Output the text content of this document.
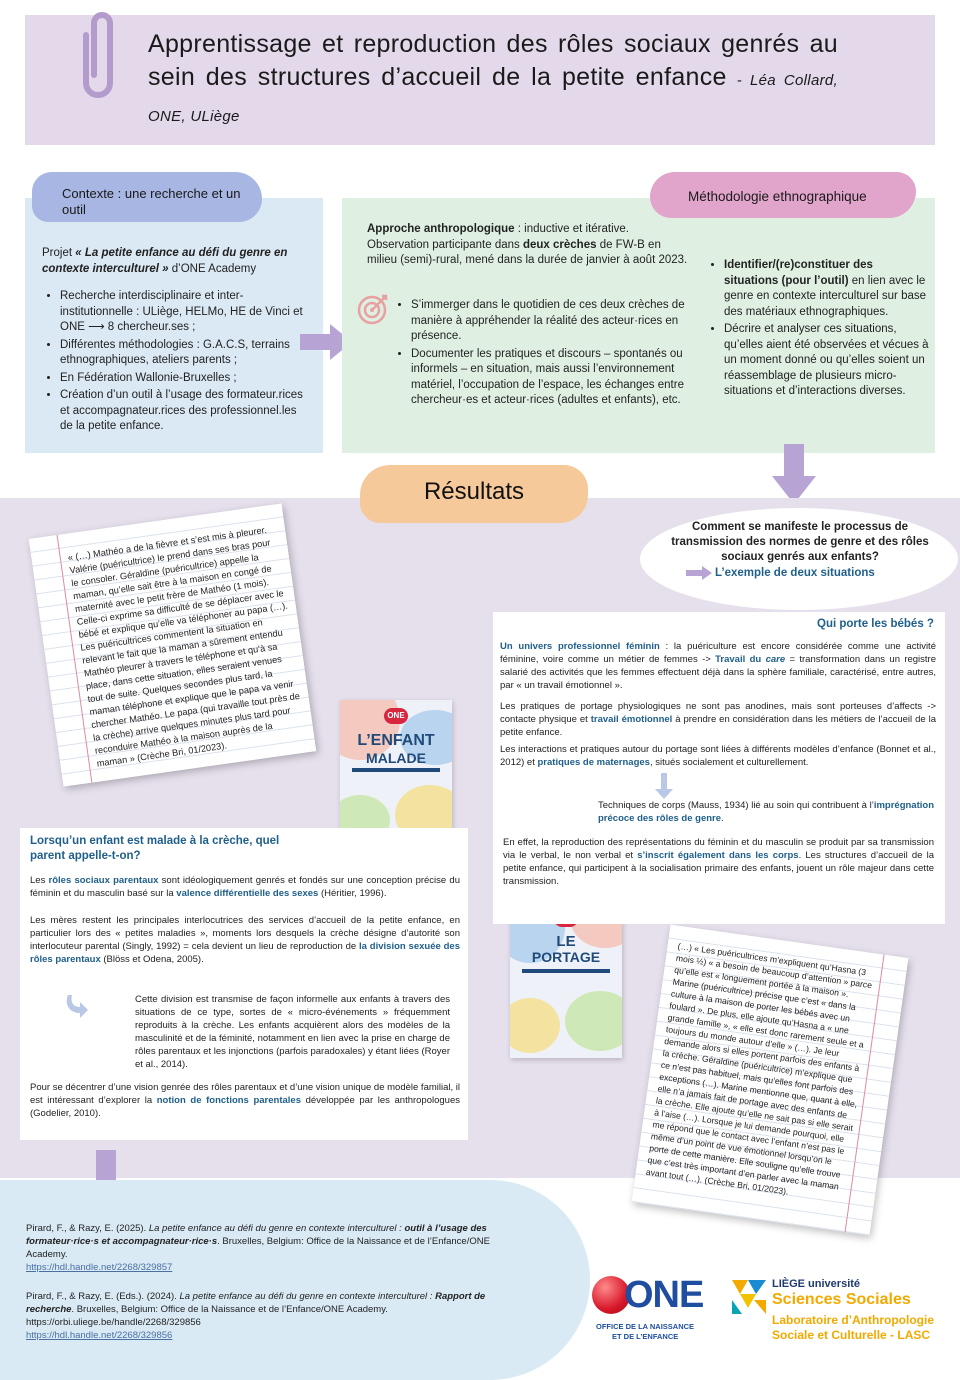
Apprentissage et reproduction des rôles sociaux genrés au sein des structures d’accueil de la petite enfance - Léa Collard, ONE, ULiège
Contexte : une recherche et un outil

Projet « La petite enfance au défi du genre en contexte interculturel » d’ONE Academy

• Recherche interdisciplinaire et inter-institutionnelle : ULiège, HELMo, HE de Vinci et ONE ⟶ 8 chercheur.ses ;
• Différentes méthodologies : G.A.C.S, terrains ethnographiques, ateliers parents ;
• En Fédération Wallonie-Bruxelles ;
• Création d’un outil à l’usage des formateur.rices et accompagnateur.rices des professionnel.les de la petite enfance.
Méthodologie ethnographique
Approche anthropologique : inductive et itérative. Observation participante dans deux crèches de FW-B en milieu (semi)-rural, mené dans la durée de janvier à août 2023.
• S’immerger dans le quotidien de ces deux crèches de manière à appréhender la réalité des acteur·rices en présence.
• Documenter les pratiques et discours – spontanés ou informels – en situation, mais aussi l’environnement matériel, l’occupation de l’espace, les échanges entre chercheur·es et acteur·rices (adultes et enfants), etc.
• Identifier/(re)constituer des situations (pour l’outil) en lien avec le genre en contexte interculturel sur base des matériaux ethnographiques.
• Décrire et analyser ces situations, qu’elles aient été observées et vécues à un moment donné ou qu’elles soient un réassemblage de plusieurs micro-situations et d’interactions diverses.
Résultats
Comment se manifeste le processus de transmission des normes de genre et des rôles sociaux genrés aux enfants?
L’exemple de deux situations
« (…) Mathéo a de la fièvre et s’est mis à pleurer. Valérie (puéricultrice) le prend dans ses bras pour le consoler. Géraldine (puéricultrice) appelle la maman, qu’elle sait être à la maison en congé de maternité avec le petit frère de Mathéo (1 mois). Celle-ci exprime sa difficulté de se déplacer avec le bébé et explique qu’elle va téléphoner au papa (…). Les puéricultrices commentent la situation en relevant le fait que la maman a sûrement entendu Mathéo pleurer à travers le téléphone et qu’à sa place, dans cette situation, elles seraient venues tout de suite. Quelques secondes plus tard, la maman téléphone et explique que le papa va venir chercher Mathéo. Le papa (qui travaille tout près de la crèche) arrive quelques minutes plus tard pour reconduire Mathéo à la maison auprès de la maman » (Crèche Bri, 01/2023).
ONE
L’ENFANT
MALADE
LE
PORTAGE
Lorsqu’un enfant est malade à la crèche, quel parent appelle-t-on?

Les rôles sociaux parentaux sont idéologiquement genrés et fondés sur une conception précise du féminin et du masculin basé sur la valence différentielle des sexes (Héritier, 1996).

Les mères restent les principales interlocutrices des services d’accueil de la petite enfance, en particulier lors des « petites maladies », moments lors desquels la crèche désigne d’autorité son interlocuteur parental (Singly, 1992) = cela devient un lieu de reproduction de la division sexuée des rôles parentaux (Blöss et Odena, 2005).

Cette division est transmise de façon informelle aux enfants à travers des situations de ce type, sortes de « micro-événements » fréquemment reproduits à la crèche. Les enfants acquièrent alors des modèles de la masculinité et de la féminité, notamment en lien avec la prise en charge de rôles parentaux et les injonctions (parfois paradoxales) y étant liées (Royer et al., 2014).
Pour se décentrer d’une vision genrée des rôles parentaux et d’une vision unique de modèle familial, il est intéressant d’explorer la notion de fonctions parentales développée par les anthropologues (Godelier, 2010).
Qui porte les bébés ?

Un univers professionnel féminin : la puériculture est encore considérée comme une activité féminine, voire comme un métier de femmes -> Travail du care = transformation dans un registre salarié des activités que les femmes effectuent déjà dans la sphère familiale, caractérisé, entre autres, par « un travail émotionnel ».

Les pratiques de portage physiologiques ne sont pas anodines, mais sont porteuses d’affects -> contacte physique et travail émotionnel à prendre en considération dans les métiers de l’accueil de la petite enfance.

Les interactions et pratiques autour du portage sont liées à différents modèles d’enfance (Bonnet et al., 2012) et pratiques de maternages, situés socialement et culturellement.

Techniques de corps (Mauss, 1934) lié au soin qui contribuent à l’imprégnation précoce des rôles de genre.
En effet, la reproduction des représentations du féminin et du masculin se produit par sa transmission via le verbal, le non verbal et s’inscrit également dans les corps. Les structures d’accueil de la petite enfance, qui participent à la socialisation primaire des enfants, jouent un rôle majeur dans cette transmission.
(…) « Les puéricultrices m’expliquent qu’Hasna (3 mois ½) « a besoin de beaucoup d’attention » parce qu’elle est « longuement portée à la maison ». Marine (puéricultrice) précise que c’est « dans la culture à la maison de porter les bébés avec un foulard ». De plus, elle ajoute qu’Hasna a « une grande famille », « elle est donc rarement seule et a toujours du monde autour d’elle » (…). Je leur demande alors si elles portent parfois des enfants à la crèche. Géraldine (puéricultrice) m’explique que ce n’est pas habituel, mais qu’elles font parfois des exceptions (…). Marine mentionne que, quant à elle, elle n’a jamais fait de portage avec des enfants de la crèche. Elle ajoute qu’elle ne sait pas si elle serait à l’aise (…). Lorsque je lui demande pourquoi, elle me répond que le contact avec l’enfant n’est pas le même d’un point de vue émotionnel lorsqu’on le porte de cette manière. Elle souligne qu’elle trouve que c’est très important d’en parler avec la maman avant tout (…). (Crèche Bri, 01/2023).
Pirard, F., & Razy, E. (2025). La petite enfance au défi du genre en contexte interculturel : outil à l’usage des formateur·rice·s et accompagnateur·rice·s. Bruxelles, Belgium: Office de la Naissance et de l’Enfance/ONE Academy.
https://hdl.handle.net/2268/329857
Pirard, F., & Razy, E. (Eds.). (2024). La petite enfance au défi du genre en contexte interculturel : Rapport de recherche. Bruxelles, Belgium: Office de la Naissance et de l’Enfance/ONE Academy.
https://orbi.uliege.be/handle/2268/329856
https://hdl.handle.net/2268/329856
ONE
OFFICE DE LA NAISSANCE
ET DE L’ENFANCE
LIÈGE université
Sciences Sociales
Laboratoire d’Anthropologie
Sociale et Culturelle - LASC
